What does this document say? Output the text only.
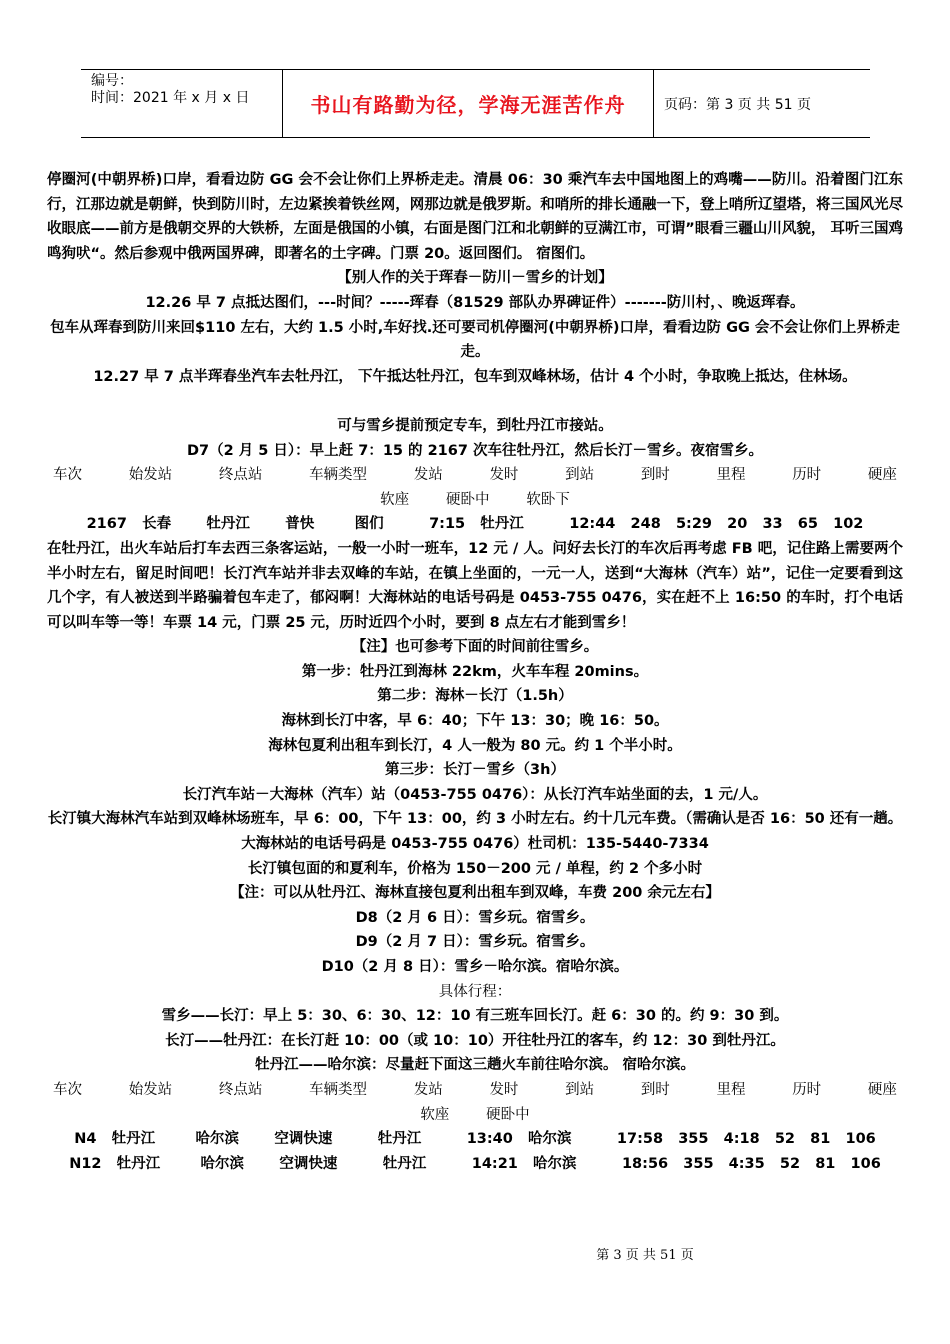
编号：
时间：2021 年 x 月 x 日	书山有路勤为径，学海无涯苦作舟	页码：第 3 页 共 51 页

停圈河(中朝界桥)口岸，看看边防 GG 会不会让你们上界桥走走。清晨 06：30 乘汽车去中国地图上的鸡嘴——防川。沿着图门江东行，江那边就是朝鲜，快到防川时，左边紧挨着铁丝网，网那边就是俄罗斯。和哨所的排长通融一下，登上哨所辽望塔，将三国风光尽收眼底——前方是俄朝交界的大铁桥，左面是俄国的小镇，右面是图门江和北朝鲜的豆满江市，可谓”眼看三疆山川风貌， 耳听三国鸡鸣狗吠“。然后参观中俄两国界碑，即著名的土字碑。门票 20。返回图们。 宿图们。

【别人作的关于珲春－防川－雪乡的计划】

12.26 早 7 点抵达图们，---时间？-----珲春（81529 部队办界碑证件）-------防川村，、晚返珲春。

包车从珲春到防川来回$110 左右，大约 1.5 小时,车好找.还可要司机停圈河(中朝界桥)口岸，看看边防 GG 会不会让你们上界桥走走。

12.27 早 7 点半珲春坐汽车去牡丹江， 下午抵达牡丹江，包车到双峰林场，估计 4 个小时，争取晚上抵达，住林场。

可与雪乡提前预定专车，到牡丹江市接站。

D7（2 月 5 日）：早上赶 7：15 的 2167 次车往牡丹江，然后长汀－雪乡。夜宿雪乡。

车次	始发站	终点站	车辆类型	发站	发时	到站	到时	里程	历时	硬座

软座        硬卧中        软卧下

2167   长春       牡丹江       普快        图们         7:15   牡丹江         12:44   248   5:29   20   33   65   102

在牡丹江，出火车站后打车去西三条客运站，一般一小时一班车，12 元 / 人。问好去长汀的车次后再考虑 FB 吧，记住路上需要两个半小时左右，留足时间吧！长汀汽车站并非去双峰的车站，在镇上坐面的，一元一人，送到“大海林（汽车）站”，记住一定要看到这几个字，有人被送到半路骗着包车走了，郁闷啊！大海林站的电话号码是 0453-755 0476，实在赶不上 16:50 的车时，打个电话可以叫车等一等！车票 14 元，门票 25 元，历时近四个小时，要到 8 点左右才能到雪乡！

【注】也可参考下面的时间前往雪乡。

第一步：牡丹江到海林 22km，火车车程 20mins。

第二步：海林－长汀（1.5h）

海林到长汀中客，早 6：40；下午 13：30；晚 16：50。

海林包夏利出租车到长汀，4 人一般为 80 元。约 1 个半小时。

第三步：长汀－雪乡（3h）

长汀汽车站－大海林（汽车）站（0453-755 0476）：从长汀汽车站坐面的去，1 元/人。

长汀镇大海林汽车站到双峰林场班车，早 6：00，下午 13：00，约 3 小时左右。约十几元车费。（需确认是否 16：50 还有一趟。大海林站的电话号码是 0453-755 0476）杜司机：135-5440-7334

长汀镇包面的和夏利车，价格为 150－200 元 / 单程，约 2 个多小时

【注：可以从牡丹江、海林直接包夏利出租车到双峰，车费 200 余元左右】

D8（2 月 6 日）：雪乡玩。宿雪乡。

D9（2 月 7 日）：雪乡玩。宿雪乡。

D10（2 月 8 日）：雪乡－哈尔滨。宿哈尔滨。

具体行程：

雪乡——长汀：早上 5：30、6：30、12：10 有三班车回长汀。赶 6：30 的。约 9：30 到。

长汀——牡丹江：在长汀赶 10：00（或 10：10）开往牡丹江的客车，约 12：30 到牡丹江。

牡丹江——哈尔滨：尽量赶下面这三趟火车前往哈尔滨。 宿哈尔滨。

车次	始发站	终点站	车辆类型	发站	发时	到站	到时	里程	历时	硬座

软座        硬卧中

N4   牡丹江        哈尔滨       空调快速         牡丹江         13:40   哈尔滨         17:58   355   4:18   52   81   106

N12   牡丹江        哈尔滨       空调快速         牡丹江         14:21   哈尔滨         18:56   355   4:35   52   81   106

第 3 页 共 51 页
